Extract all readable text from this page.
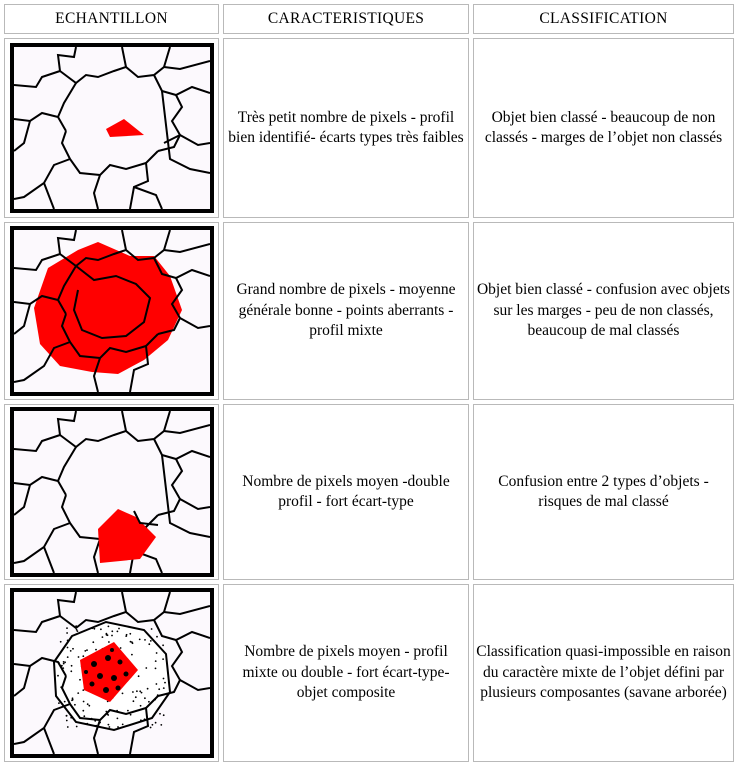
ECHANTILLON	CARACTERISTIQUES	CLASSIFICATION
Très petit nombre de pixels - profil bien identifié- écarts types très faibles
Objet bien classé - beaucoup de non classés - marges de l’objet non classés
Grand nombre de pixels - moyenne générale bonne - points aberrants - profil mixte
Objet bien classé - confusion avec objets sur les marges - peu de non classés, beaucoup de mal classés
Nombre de pixels moyen -double profil - fort écart-type
Confusion entre 2 types d’objets - risques de mal classé
Nombre de pixels moyen - profil mixte ou double - fort écart-type- objet composite
Classification quasi-impossible en raison du caractère mixte de l’objet défini par plusieurs composantes (savane arborée)
